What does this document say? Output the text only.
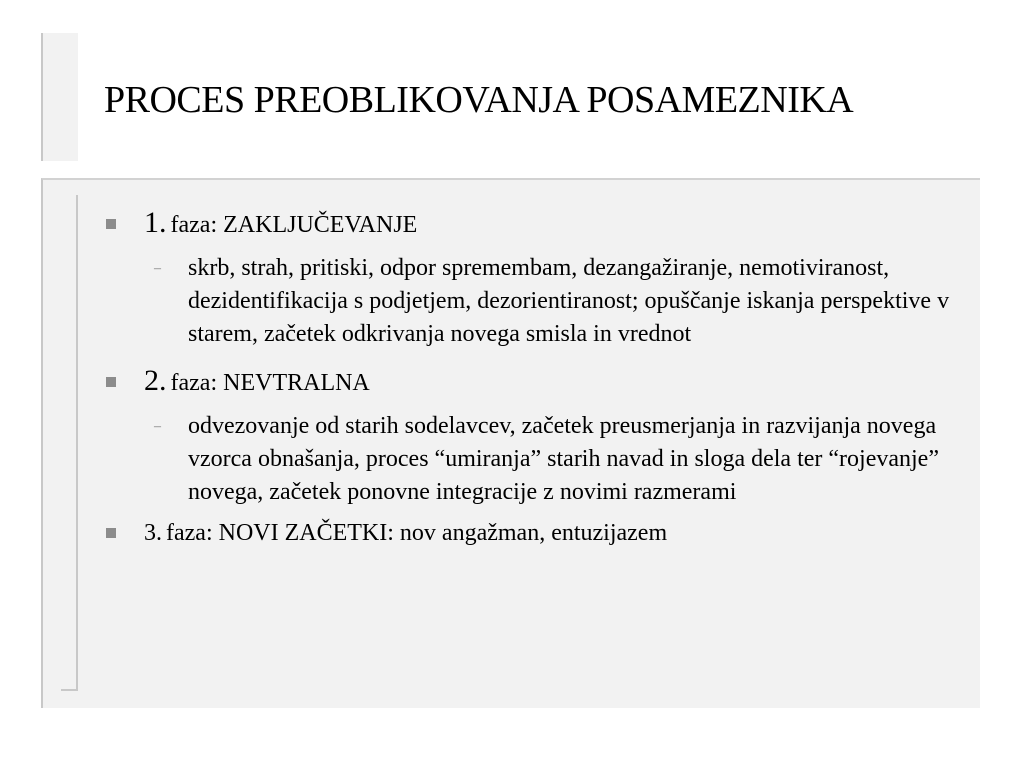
PROCES PREOBLIKOVANJA POSAMEZNIKA
1. faza: ZAKLJUČEVANJE
– skrb, strah, pritiski, odpor spremembam, dezangažiranje, nemotiviranost, dezidentifikacija s podjetjem, dezorientiranost; opuščanje iskanja perspektive v starem, začetek odkrivanja novega smisla in vrednot
2. faza: NEVTRALNA
– odvezovanje od starih sodelavcev, začetek preusmerjanja in razvijanja novega vzorca obnašanja, proces “umiranja” starih navad in sloga dela ter “rojevanje” novega, začetek ponovne integracije z novimi razmerami
3. faza: NOVI ZAČETKI: nov angažman, entuzijazem
